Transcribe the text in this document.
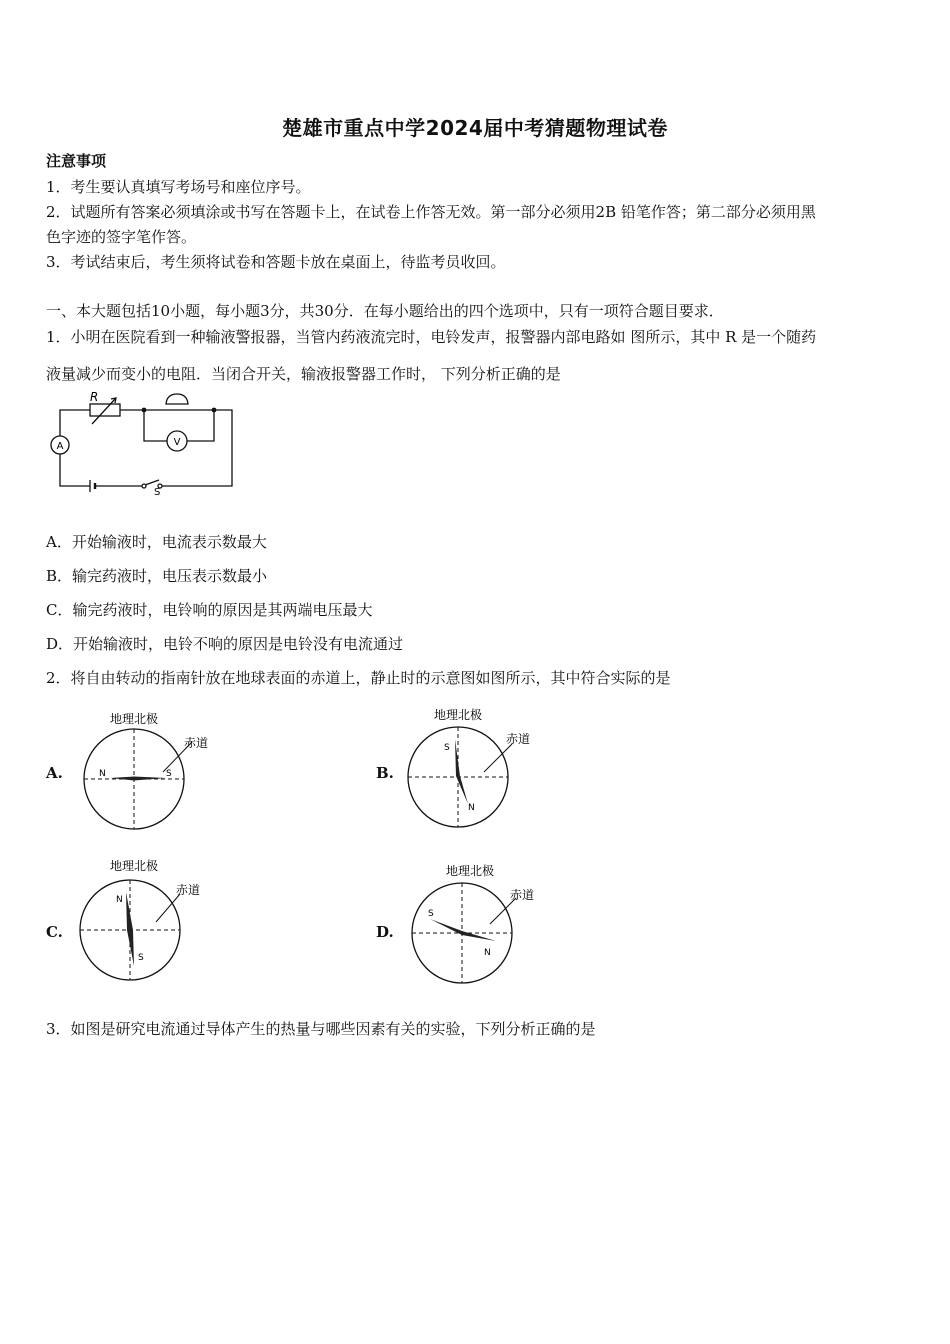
楚雄市重点中学2024届中考猜题物理试卷
注意事项
1．考生要认真填写考场号和座位序号。
2．试题所有答案必须填涂或书写在答题卡上，在试卷上作答无效。第一部分必须用2B 铅笔作答；第二部分必须用黑
色字迹的签字笔作答。
3．考试结束后，考生须将试卷和答题卡放在桌面上，待监考员收回。
一、本大题包括10小题，每小题3分，共30分．在每小题给出的四个选项中，只有一项符合题目要求．
1．小明在医院看到一种输液警报器，当管内药液流完时，电铃发声，报警器内部电路如 图所示，其中 R 是一个随药
液量减少而变小的电阻．当闭合开关，输液报警器工作时， 下列分析正确的是
R
A	V
S
A．开始输液时，电流表示数最大
B．输完药液时，电压表示数最小
C．输完药液时，电铃响的原因是其两端电压最大
D．开始输液时，电铃不响的原因是电铃没有电流通过
2．将自由转动的指南针放在地球表面的赤道上，静止时的示意图如图所示，其中符合实际的是
A.
地理北极
赤道
N	S	B.
地理北极
赤道
S
N
C.
地理北极
赤道
N
S
D.
地理北极
赤道
S
N
3．如图是研究电流通过导体产生的热量与哪些因素有关的实验，下列分析正确的是
